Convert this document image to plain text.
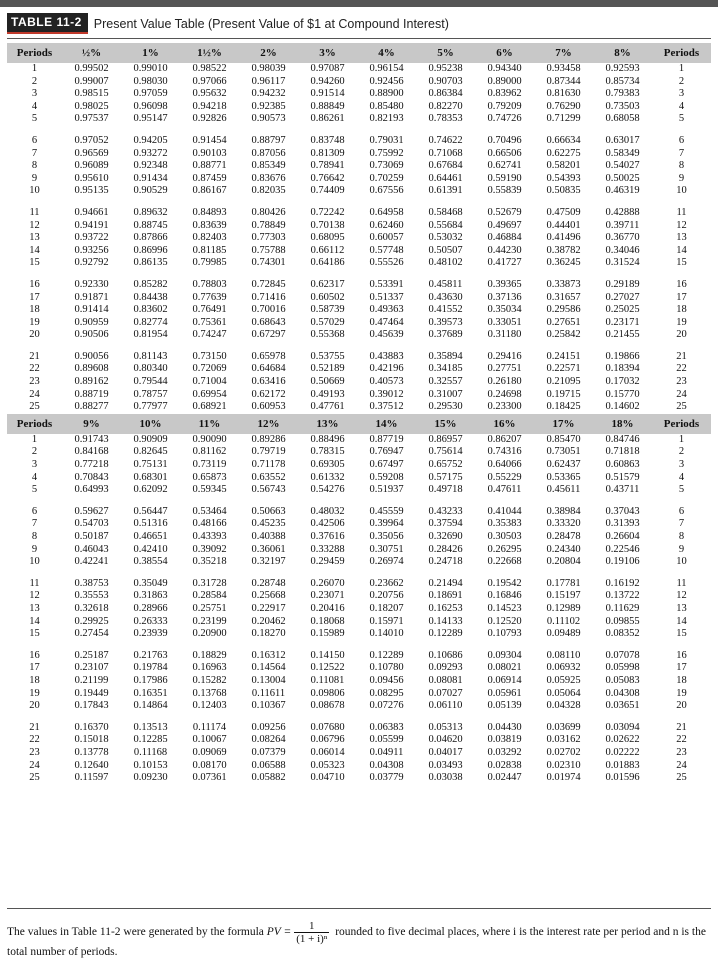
TABLE 11-2 Present Value Table (Present Value of $1 at Compound Interest)
Periods	½%	1%	1½%	2%	3%	4%	5%	6%	7%	8%	Periods
1	0.99502	0.99010	0.98522	0.98039	0.97087	0.96154	0.95238	0.94340	0.93458	0.92593	1
2	0.99007	0.98030	0.97066	0.96117	0.94260	0.92456	0.90703	0.89000	0.87344	0.85734	2
3	0.98515	0.97059	0.95632	0.94232	0.91514	0.88900	0.86384	0.83962	0.81630	0.79383	3
4	0.98025	0.96098	0.94218	0.92385	0.88849	0.85480	0.82270	0.79209	0.76290	0.73503	4
5	0.97537	0.95147	0.92826	0.90573	0.86261	0.82193	0.78353	0.74726	0.71299	0.68058	5

6	0.97052	0.94205	0.91454	0.88797	0.83748	0.79031	0.74622	0.70496	0.66634	0.63017	6
7	0.96569	0.93272	0.90103	0.87056	0.81309	0.75992	0.71068	0.66506	0.62275	0.58349	7
8	0.96089	0.92348	0.88771	0.85349	0.78941	0.73069	0.67684	0.62741	0.58201	0.54027	8
9	0.95610	0.91434	0.87459	0.83676	0.76642	0.70259	0.64461	0.59190	0.54393	0.50025	9
10	0.95135	0.90529	0.86167	0.82035	0.74409	0.67556	0.61391	0.55839	0.50835	0.46319	10

11	0.94661	0.89632	0.84893	0.80426	0.72242	0.64958	0.58468	0.52679	0.47509	0.42888	11
12	0.94191	0.88745	0.83639	0.78849	0.70138	0.62460	0.55684	0.49697	0.44401	0.39711	12
13	0.93722	0.87866	0.82403	0.77303	0.68095	0.60057	0.53032	0.46884	0.41496	0.36770	13
14	0.93256	0.86996	0.81185	0.75788	0.66112	0.57748	0.50507	0.44230	0.38782	0.34046	14
15	0.92792	0.86135	0.79985	0.74301	0.64186	0.55526	0.48102	0.41727	0.36245	0.31524	15

16	0.92330	0.85282	0.78803	0.72845	0.62317	0.53391	0.45811	0.39365	0.33873	0.29189	16
17	0.91871	0.84438	0.77639	0.71416	0.60502	0.51337	0.43630	0.37136	0.31657	0.27027	17
18	0.91414	0.83602	0.76491	0.70016	0.58739	0.49363	0.41552	0.35034	0.29586	0.25025	18
19	0.90959	0.82774	0.75361	0.68643	0.57029	0.47464	0.39573	0.33051	0.27651	0.23171	19
20	0.90506	0.81954	0.74247	0.67297	0.55368	0.45639	0.37689	0.31180	0.25842	0.21455	20

21	0.90056	0.81143	0.73150	0.65978	0.53755	0.43883	0.35894	0.29416	0.24151	0.19866	21
22	0.89608	0.80340	0.72069	0.64684	0.52189	0.42196	0.34185	0.27751	0.22571	0.18394	22
23	0.89162	0.79544	0.71004	0.63416	0.50669	0.40573	0.32557	0.26180	0.21095	0.17032	23
24	0.88719	0.78757	0.69954	0.62172	0.49193	0.39012	0.31007	0.24698	0.19715	0.15770	24
25	0.88277	0.77977	0.68921	0.60953	0.47761	0.37512	0.29530	0.23300	0.18425	0.14602	25
Periods	9%	10%	11%	12%	13%	14%	15%	16%	17%	18%	Periods
1	0.91743	0.90909	0.90090	0.89286	0.88496	0.87719	0.86957	0.86207	0.85470	0.84746	1
2	0.84168	0.82645	0.81162	0.79719	0.78315	0.76947	0.75614	0.74316	0.73051	0.71818	2
3	0.77218	0.75131	0.73119	0.71178	0.69305	0.67497	0.65752	0.64066	0.62437	0.60863	3
4	0.70843	0.68301	0.65873	0.63552	0.61332	0.59208	0.57175	0.55229	0.53365	0.51579	4
5	0.64993	0.62092	0.59345	0.56743	0.54276	0.51937	0.49718	0.47611	0.45611	0.43711	5

6	0.59627	0.56447	0.53464	0.50663	0.48032	0.45559	0.43233	0.41044	0.38984	0.37043	6
7	0.54703	0.51316	0.48166	0.45235	0.42506	0.39964	0.37594	0.35383	0.33320	0.31393	7
8	0.50187	0.46651	0.43393	0.40388	0.37616	0.35056	0.32690	0.30503	0.28478	0.26604	8
9	0.46043	0.42410	0.39092	0.36061	0.33288	0.30751	0.28426	0.26295	0.24340	0.22546	9
10	0.42241	0.38554	0.35218	0.32197	0.29459	0.26974	0.24718	0.22668	0.20804	0.19106	10

11	0.38753	0.35049	0.31728	0.28748	0.26070	0.23662	0.21494	0.19542	0.17781	0.16192	11
12	0.35553	0.31863	0.28584	0.25668	0.23071	0.20756	0.18691	0.16846	0.15197	0.13722	12
13	0.32618	0.28966	0.25751	0.22917	0.20416	0.18207	0.16253	0.14523	0.12989	0.11629	13
14	0.29925	0.26333	0.23199	0.20462	0.18068	0.15971	0.14133	0.12520	0.11102	0.09855	14
15	0.27454	0.23939	0.20900	0.18270	0.15989	0.14010	0.12289	0.10793	0.09489	0.08352	15

16	0.25187	0.21763	0.18829	0.16312	0.14150	0.12289	0.10686	0.09304	0.08110	0.07078	16
17	0.23107	0.19784	0.16963	0.14564	0.12522	0.10780	0.09293	0.08021	0.06932	0.05998	17
18	0.21199	0.17986	0.15282	0.13004	0.11081	0.09456	0.08081	0.06914	0.05925	0.05083	18
19	0.19449	0.16351	0.13768	0.11611	0.09806	0.08295	0.07027	0.05961	0.05064	0.04308	19
20	0.17843	0.14864	0.12403	0.10367	0.08678	0.07276	0.06110	0.05139	0.04328	0.03651	20

21	0.16370	0.13513	0.11174	0.09256	0.07680	0.06383	0.05313	0.04430	0.03699	0.03094	21
22	0.15018	0.12285	0.10067	0.08264	0.06796	0.05599	0.04620	0.03819	0.03162	0.02622	22
23	0.13778	0.11168	0.09069	0.07379	0.06014	0.04911	0.04017	0.03292	0.02702	0.02222	23
24	0.12640	0.10153	0.08170	0.06588	0.05323	0.04308	0.03493	0.02838	0.02310	0.01883	24
25	0.11597	0.09230	0.07361	0.05882	0.04710	0.03779	0.03038	0.02447	0.01974	0.01596	25
The values in Table 11-2 were generated by the formula PV = $\frac{1}{\text{(1 + i)ⁿ}}$ rounded to five decimal places, where i is the interest rate per period and n is the total number of periods.
